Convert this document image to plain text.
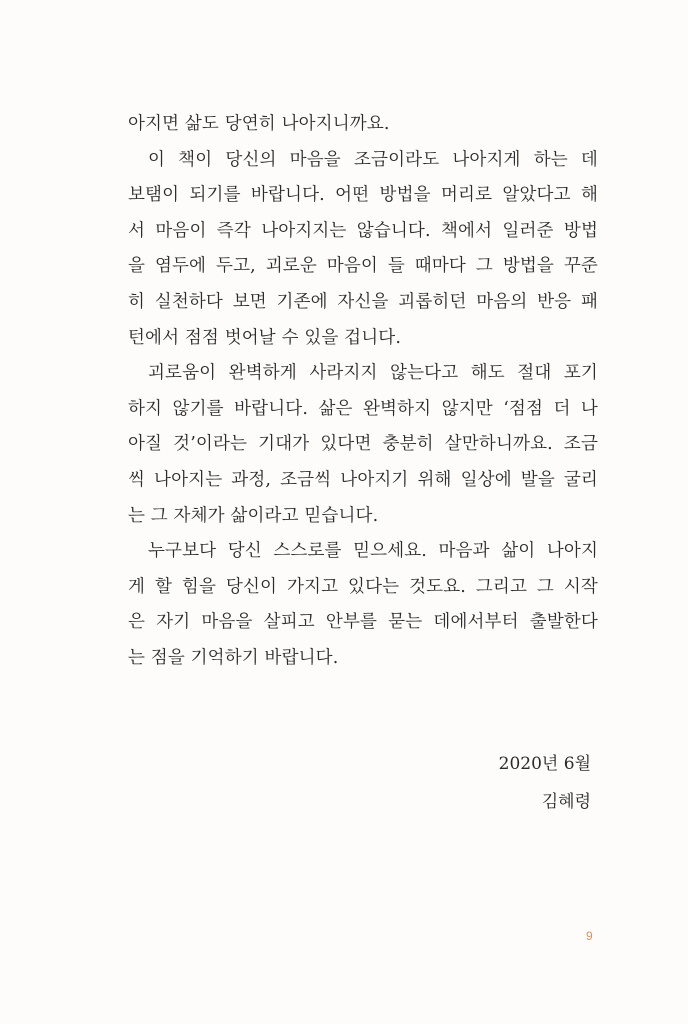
아지면 삶도 당연히 나아지니까요.
이 책이 당신의 마음을 조금이라도 나아지게 하는 데
보탬이 되기를 바랍니다. 어떤 방법을 머리로 알았다고 해
서 마음이 즉각 나아지지는 않습니다. 책에서 일러준 방법
을 염두에 두고, 괴로운 마음이 들 때마다 그 방법을 꾸준
히 실천하다 보면 기존에 자신을 괴롭히던 마음의 반응 패
턴에서 점점 벗어날 수 있을 겁니다.
괴로움이 완벽하게 사라지지 않는다고 해도 절대 포기
하지 않기를 바랍니다. 삶은 완벽하지 않지만 ‘점점 더 나
아질 것’이라는 기대가 있다면 충분히 살만하니까요. 조금
씩 나아지는 과정, 조금씩 나아지기 위해 일상에 발을 굴리
는 그 자체가 삶이라고 믿습니다.
누구보다 당신 스스로를 믿으세요. 마음과 삶이 나아지
게 할 힘을 당신이 가지고 있다는 것도요. 그리고 그 시작
은 자기 마음을 살피고 안부를 묻는 데에서부터 출발한다
는 점을 기억하기 바랍니다.
2020년 6월
김혜령
9
